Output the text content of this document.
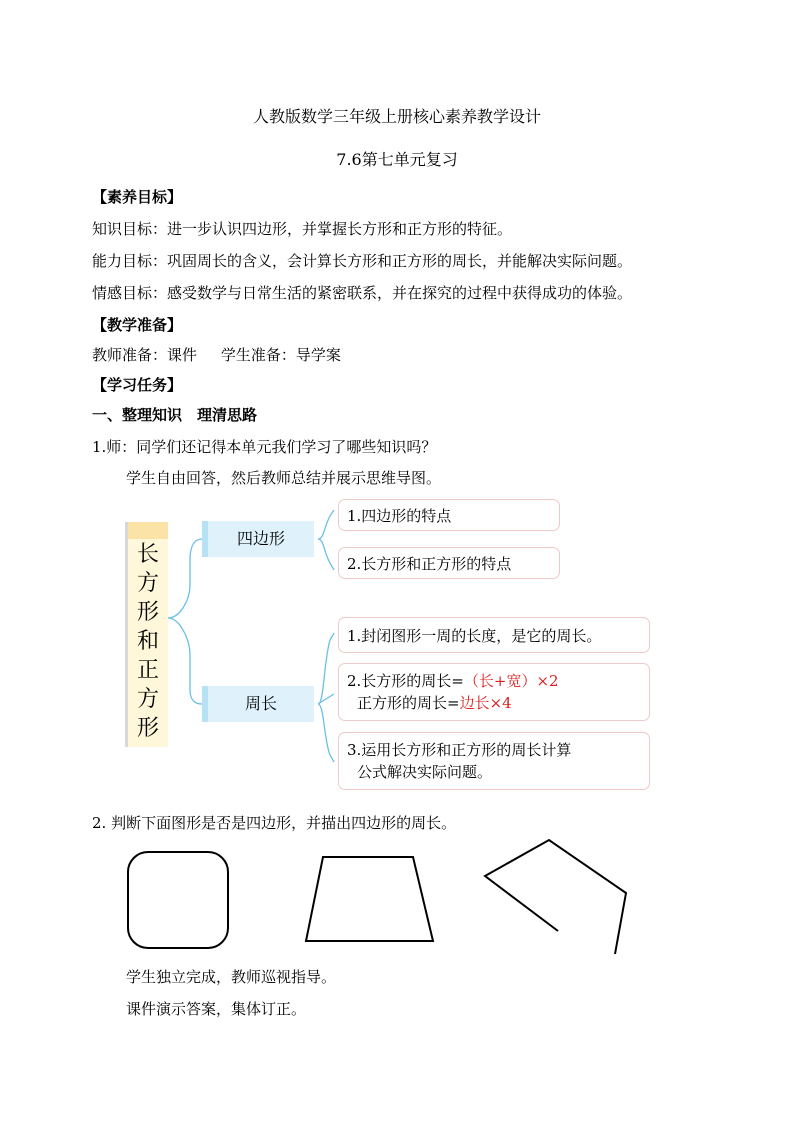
人教版数学三年级上册核心素养教学设计
7.6第七单元复习
【素养目标】
知识目标：进一步认识四边形，并掌握长方形和正方形的特征。
能力目标：巩固周长的含义，会计算长方形和正方形的周长，并能解决实际问题。
情感目标：感受数学与日常生活的紧密联系，并在探究的过程中获得成功的体验。
【教学准备】
教师准备：课件     学生准备：导学案
【学习任务】
一、整理知识　理清思路
1.师：同学们还记得本单元我们学习了哪些知识吗？
学生自由回答，然后教师总结并展示思维导图。
长方形和正方形
四边形
周长
1.四边形的特点
2.长方形和正方形的特点
1.封闭图形一周的长度，是它的周长。
2.长方形的周长=（长+宽）×2
正方形的周长=边长×4
3.运用长方形和正方形的周长计算
公式解决实际问题。
2. 判断下面图形是否是四边形，并描出四边形的周长。
学生独立完成，教师巡视指导。
课件演示答案，集体订正。
